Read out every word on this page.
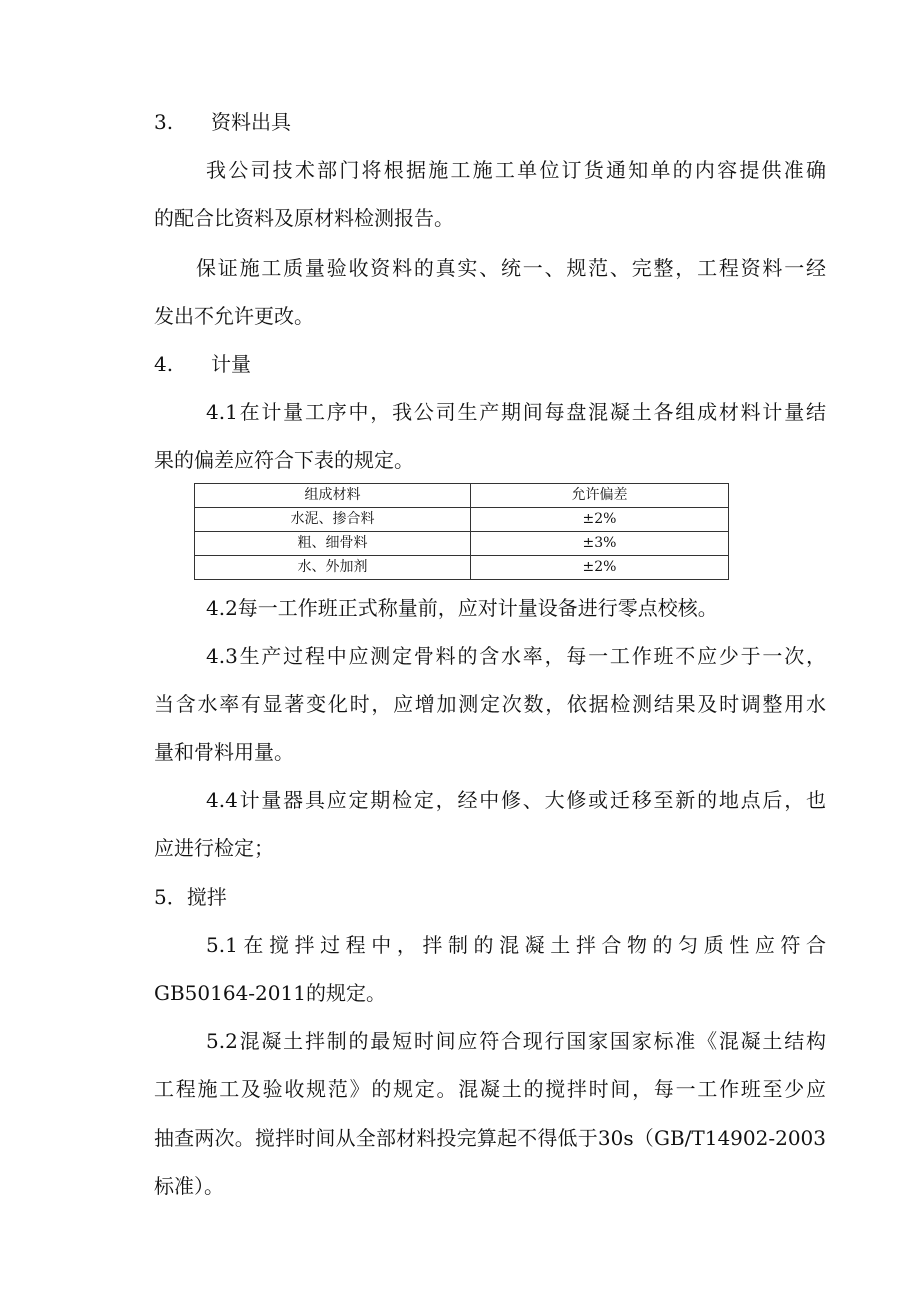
3. 资料出具

我公司技术部门将根据施工施工单位订货通知单的内容提供准确

的配合比资料及原材料检测报告。

保证施工质量验收资料的真实、统一、规范、完整，工程资料一经

发出不允许更改。

4. 计量

4.1在计量工序中，我公司生产期间每盘混凝土各组成材料计量结

果的偏差应符合下表的规定。

组成材料	允许偏差
水泥、掺合料	±2%
粗、细骨料	±3%
水、外加剂	±2%

4.2每一工作班正式称量前，应对计量设备进行零点校核。

4.3生产过程中应测定骨料的含水率，每一工作班不应少于一次，

当含水率有显著变化时，应增加测定次数，依据检测结果及时调整用水

量和骨料用量。

4.4计量器具应定期检定，经中修、大修或迁移至新的地点后，也

应进行检定；

5．搅拌

5.1在搅拌过程中，拌制的混凝土拌合物的匀质性应符合

GB50164-2011的规定。

5.2混凝土拌制的最短时间应符合现行国家国家标准《混凝土结构

工程施工及验收规范》的规定。混凝土的搅拌时间，每一工作班至少应

抽查两次。搅拌时间从全部材料投完算起不得低于30s（GB/T14902-2003

标准）。
